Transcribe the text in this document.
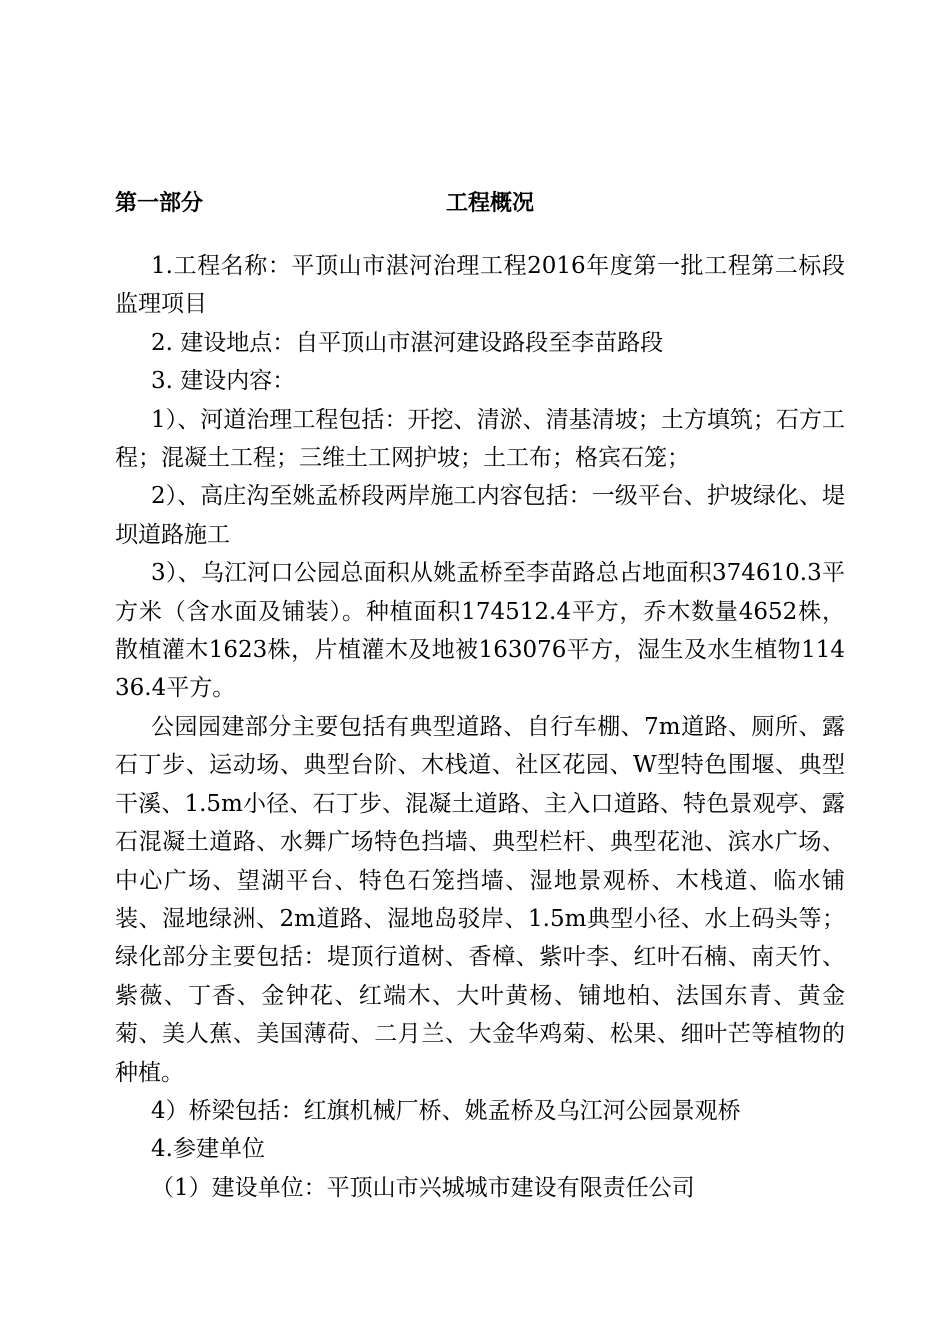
第一部分	工程概况

1.工程名称：平顶山市湛河治理工程2016年度第一批工程第二标段监理项目

2. 建设地点：自平顶山市湛河建设路段至李苗路段

3. 建设内容：

1）、河道治理工程包括：开挖、清淤、清基清坡；土方填筑；石方工程；混凝土工程；三维土工网护坡；土工布；格宾石笼；

2）、高庄沟至姚孟桥段两岸施工内容包括：一级平台、护坡绿化、堤坝道路施工

3）、乌江河口公园总面积从姚孟桥至李苗路总占地面积374610.3平方米（含水面及铺装）。种植面积174512.4平方，乔木数量4652株，散植灌木1623株，片植灌木及地被163076平方，湿生及水生植物11436.4平方。

公园园建部分主要包括有典型道路、自行车棚、7m道路、厕所、露石丁步、运动场、典型台阶、木栈道、社区花园、W型特色围堰、典型干溪、1.5m小径、石丁步、混凝土道路、主入口道路、特色景观亭、露石混凝土道路、水舞广场特色挡墙、典型栏杆、典型花池、滨水广场、中心广场、望湖平台、特色石笼挡墙、湿地景观桥、木栈道、临水铺装、湿地绿洲、2m道路、湿地岛驳岸、1.5m典型小径、水上码头等；绿化部分主要包括：堤顶行道树、香樟、紫叶李、红叶石楠、南天竹、紫薇、丁香、金钟花、红端木、大叶黄杨、铺地柏、法国东青、黄金菊、美人蕉、美国薄荷、二月兰、大金华鸡菊、松果、细叶芒等植物的种植。

4）桥梁包括：红旗机械厂桥、姚孟桥及乌江河公园景观桥

4.参建单位

（1）建设单位：平顶山市兴城城市建设有限责任公司
